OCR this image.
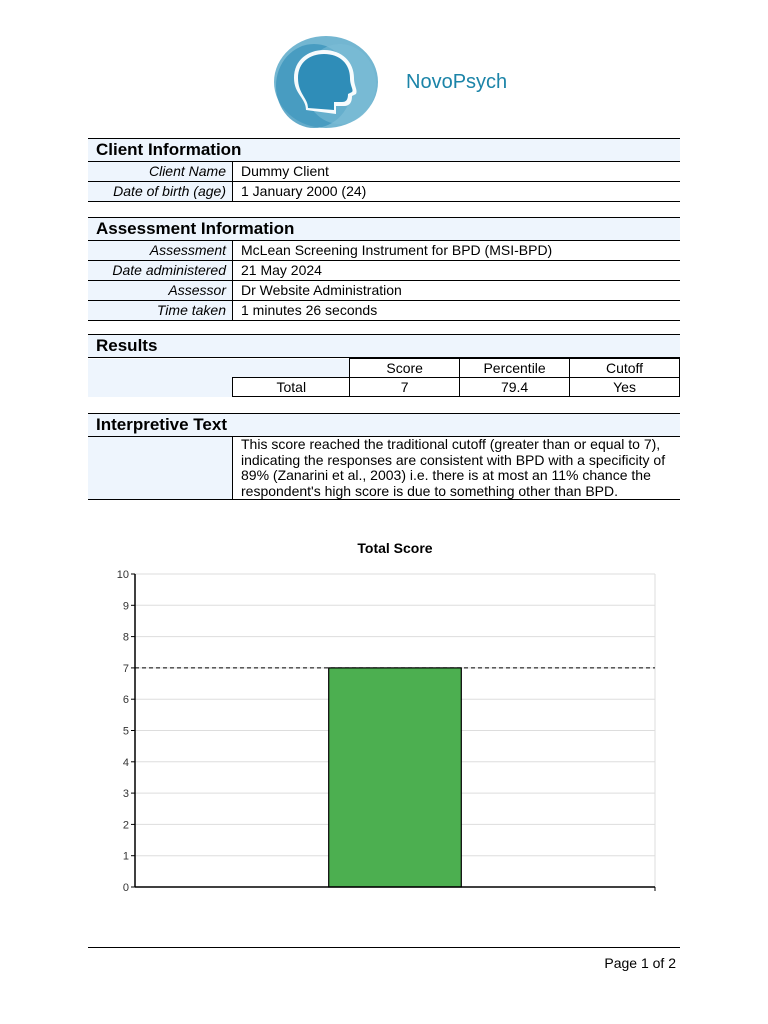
NovoPsych
Client Information
Client Name	Dummy Client
Date of birth (age)	1 January 2000 (24)
Assessment Information
Assessment	McLean Screening Instrument for BPD (MSI-BPD)
Date administered	21 May 2024
Assessor	Dr Website Administration
Time taken	1 minutes 26 seconds
Results
		Score	Percentile	Cutoff
	Total	7	79.4	Yes
Interpretive Text
This score reached the traditional cutoff (greater than or equal to 7),
indicating the responses are consistent with BPD with a specificity of
89% (Zanarini et al., 2003) i.e. there is at most an 11% chance the
respondent's high score is due to something other than BPD.
Total Score
0
1
2
3
4
5
6
7
8
9
10
Page 1 of 2
